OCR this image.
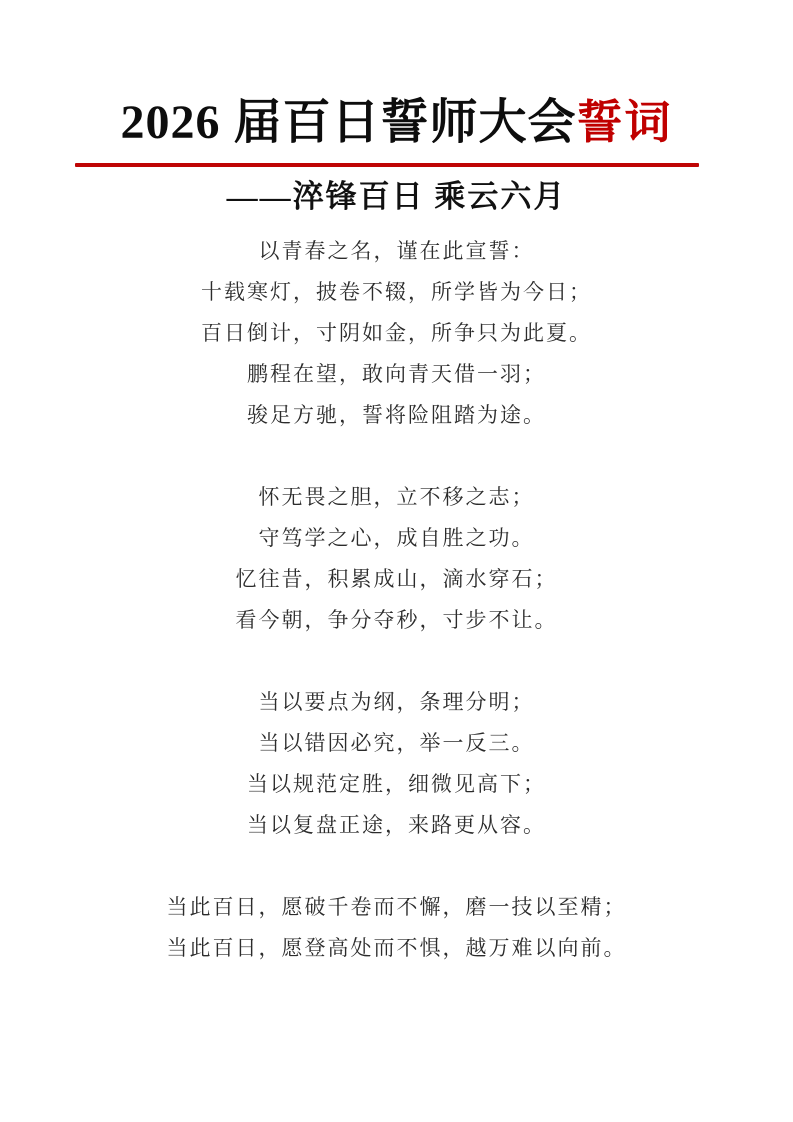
2026 届百日誓师大会誓词
——淬锋百日 乘云六月

以青春之名，谨在此宣誓：

十载寒灯，披卷不辍，所学皆为今日；

百日倒计，寸阴如金，所争只为此夏。

鹏程在望，敢向青天借一羽；

骏足方驰，誓将险阻踏为途。

怀无畏之胆，立不移之志；

守笃学之心，成自胜之功。

忆往昔，积累成山，滴水穿石；

看今朝，争分夺秒，寸步不让。

当以要点为纲，条理分明；

当以错因必究，举一反三。

当以规范定胜，细微见高下；

当以复盘正途，来路更从容。

当此百日，愿破千卷而不懈，磨一技以至精；

当此百日，愿登高处而不惧，越万难以向前。
